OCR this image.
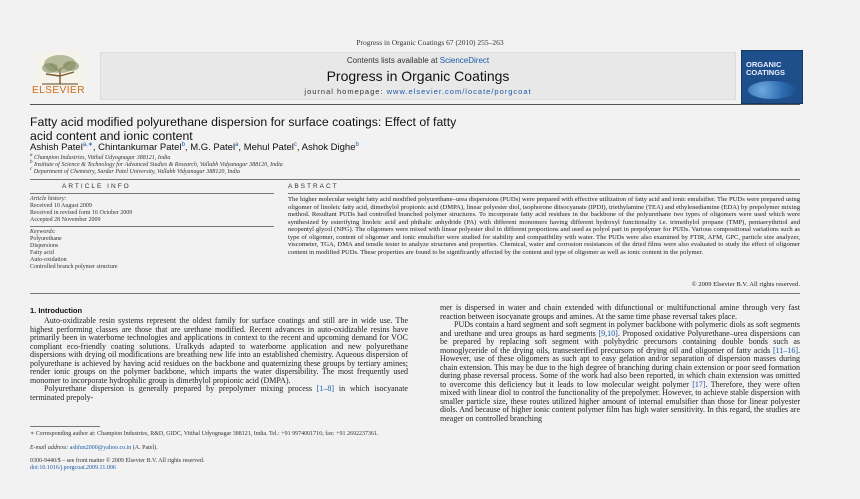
Progress in Organic Coatings 67 (2010) 255–263
ELSEVIER
Contents lists available at ScienceDirect
Progress in Organic Coatings
journal homepage: www.elsevier.com/locate/porgcoat
ORGANIC
COATINGS
Fatty acid modified polyurethane dispersion for surface coatings: Effect of fatty
acid content and ionic content
Ashish Patel$^{a,∗}$, Chintankumar Patel$^b$, M.G. Patel$^a$, Mehul Patel$^c$, Ashok Dighe$^b$
$^a$ Champion Industries, Vitthal Udyognagar 388121, India
$^b$ Institute of Science & Technology for Advanced Studies & Research, Vallabh Vidyanagar 388120, India
$^c$ Department of Chemistry, Sardar Patel University, Vallabh Vidyanagar 388120, India
ARTICLE INFO
Article history:
Received 10 August 2009
Received in revised form 16 October 2009
Accepted 28 November 2009
Keywords:
Polyurethane
Dispersions
Fatty acid
Auto-oxidation
Controlled branch polymer structure
ABSTRACT
The higher molecular weight fatty acid modified polyurethane–urea dispersions (PUDs) were prepared with effective utilization of fatty acid and ionic emulsifier. The PUDs were prepared using oligomer of linoleic fatty acid, dimethylol propionic acid (DMPA), linear polyester diol, isophorone diisocyanate (IPDI), triethylamine (TEA) and ethylenediamine (EDA) by prepolymer mixing method. Resultant PUDs had controlled branched polymer structures. To incorporate fatty acid residues in the backbone of the polyurethane two types of oligomers were used which were synthesized by esterifying linoleic acid and phthalic anhydride (PA) with different monomers having different hydroxyl functionality i.e. trimethylol propane (TMP), pentaerythritol and neopentyl glycol (NPG). The oligomers were mixed with linear polyester diol in different proportions and used as polyol part in prepolymer for PUDs. Various compositional variations such as type of oligomer, content of oligomer and ionic emulsifier were studied for stability and compatibility with water. The PUDs were also examined by FTIR, AFM, GPC, particle size analyzer, viscometer, TGA, DMA and tensile tester to analyze structures and properties. Chemical, water and corrosion resistances of the dried films were also evaluated to study the effect of oligomer content in modified PUDs. These properties are found to be significantly affected by the content and type of oligomer as well as ionic content in the polymer.
© 2009 Elsevier B.V. All rights reserved.
1. Introduction

Auto-oxidizable resin systems represent the oldest family for surface coatings and still are in wide use. The highest performing classes are those that are urethane modified. Recent advances in auto-oxidizable resins have primarily been in waterborne technologies and applications in context to the recent and upcoming demand for VOC compliant eco-friendly coating solutions. Uralkyds adapted to waterborne application and new polyurethane dispersions with drying oil modifications are breathing new life into an established chemistry. Aqueous dispersion of polyurethane is achieved by having acid residues on the backbone and quaternizing these groups by tertiary amines; render ionic groups on the polymer backbone, which imparts the water dispersibility. The most frequently used monomer to incorporate hydrophilic group is dimethylol propionic acid (DMPA).

Polyurethane dispersion is generally prepared by prepolymer mixing process [1–8] in which isocyanate terminated prepoly-

∗ Corresponding author at: Champion Industries, R&D, GIDC, Vitthal Udyognagar 388121, India. Tel.: +91 9974001716; fax: +91 2692237361.
E-mail address: ashfun2000@yahoo.co.in (A. Patel).
0300-9440/$ – see front matter © 2009 Elsevier B.V. All rights reserved.
doi:10.1016/j.porgcoat.2009.11.006

mer is dispersed in water and chain extended with difunctional or multifunctional amine through very fast reaction between isocyanate groups and amines. At the same time phase reversal takes place.

PUDs contain a hard segment and soft segment in polymer backbone with polymeric diols as soft segments and urethane and urea groups as hard segments [9,10]. Proposed oxidative Polyurethane–urea dispersions can be prepared by replacing soft segment with polyhydric precursors containing double bonds such as monoglyceride of the drying oils, transesterified precursors of drying oil and oligomer of fatty acids [11–16]. However, use of these oligomers as such apt to easy gelation and/or separation of dispersion masses during chain extension. This may be due to the high degree of branching during chain extension or poor seed formation during phase reversal process. Some of the work had also been reported, in which chain extension was omitted to overcome this deficiency but it leads to low molecular weight polymer [17]. Therefore, they were often mixed with linear diol to control the functionality of the prepolymer. However, to achieve stable dispersion with smaller particle size, these routes utilized higher amount of internal emulsifier than those for linear polyester diols. And because of higher ionic content polymer film has high water sensitivity. In this regard, the studies are meager on controlled branching
